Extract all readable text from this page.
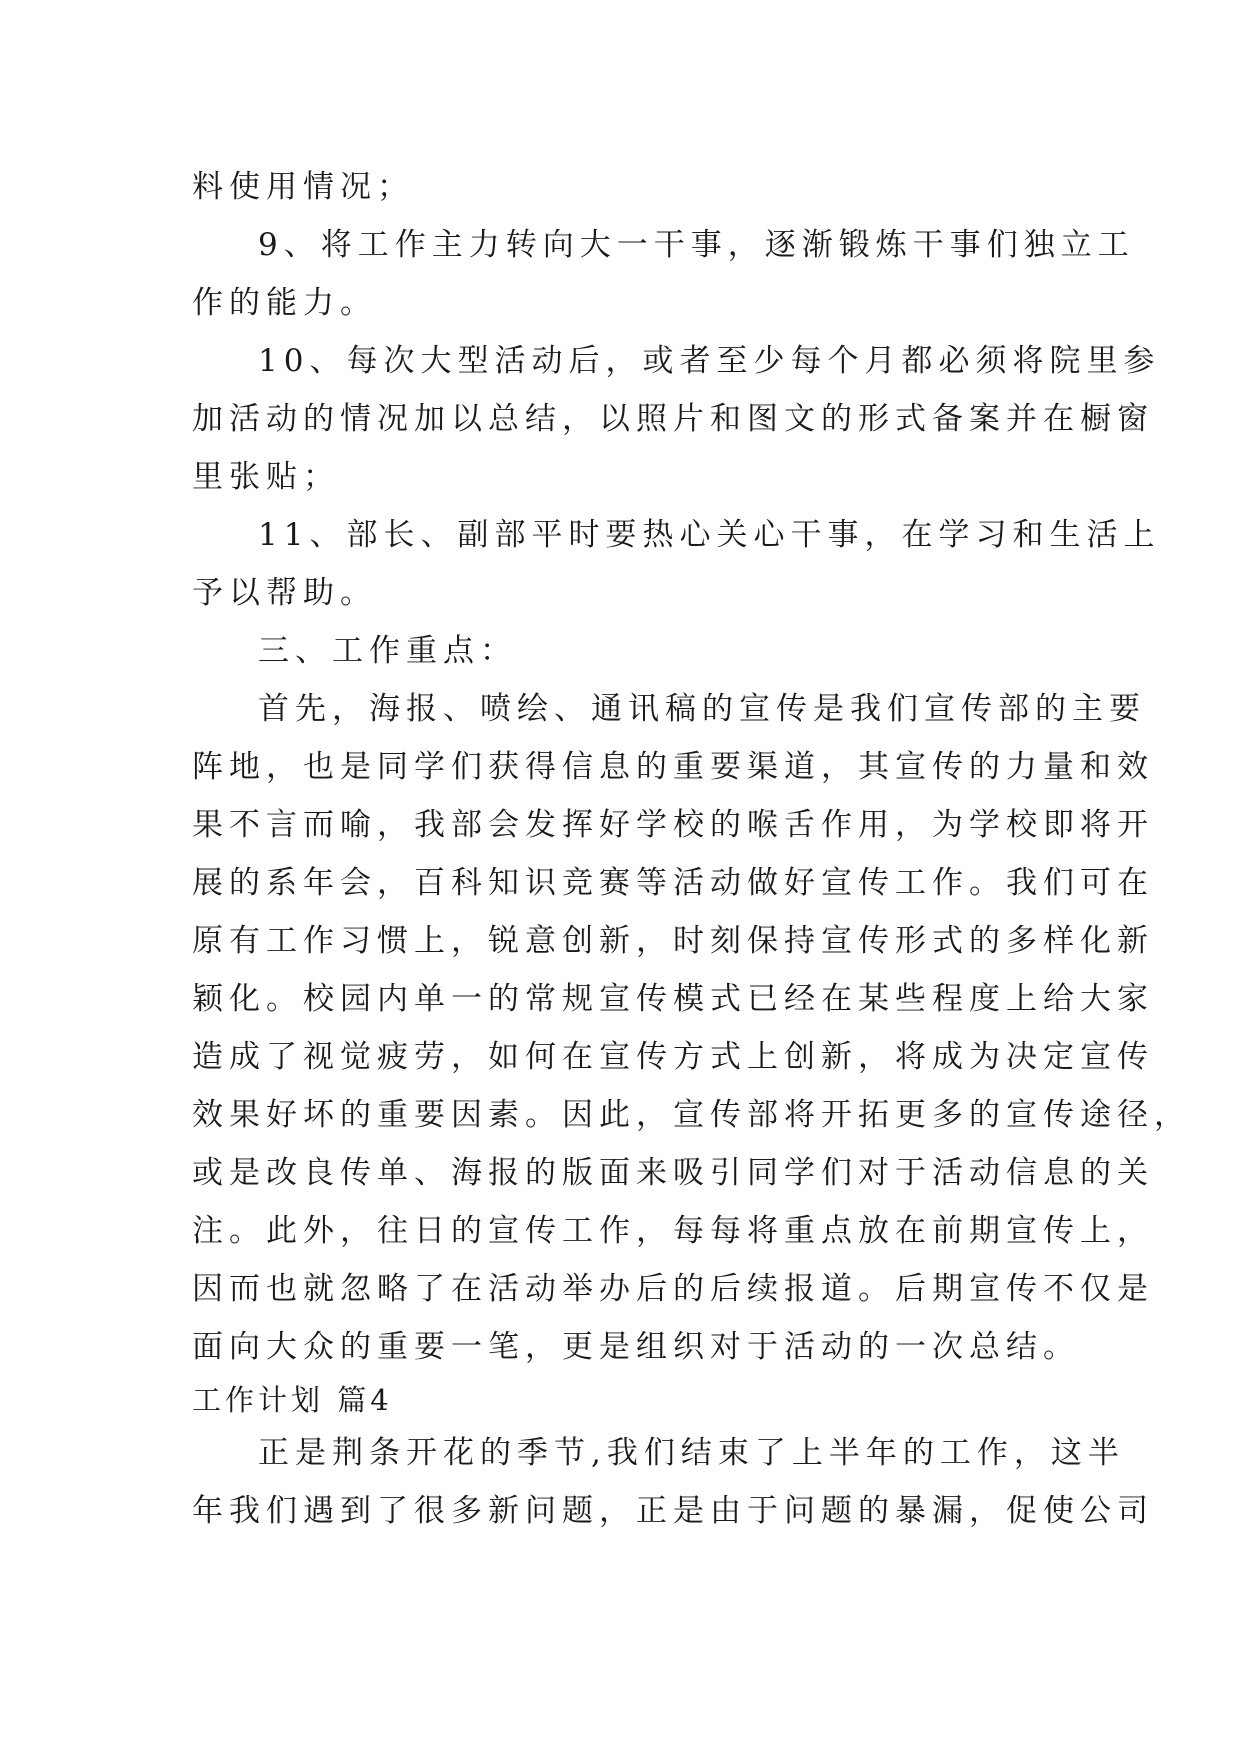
料使用情况；
9、将工作主力转向大一干事，逐渐锻炼干事们独立工
作的能力。
10、每次大型活动后，或者至少每个月都必须将院里参
加活动的情况加以总结，以照片和图文的形式备案并在橱窗
里张贴；
11、部长、副部平时要热心关心干事，在学习和生活上
予以帮助。
三、工作重点：
首先，海报、喷绘、通讯稿的宣传是我们宣传部的主要
阵地，也是同学们获得信息的重要渠道，其宣传的力量和效
果不言而喻，我部会发挥好学校的喉舌作用，为学校即将开
展的系年会，百科知识竞赛等活动做好宣传工作。我们可在
原有工作习惯上，锐意创新，时刻保持宣传形式的多样化新
颖化。校园内单一的常规宣传模式已经在某些程度上给大家
造成了视觉疲劳，如何在宣传方式上创新，将成为决定宣传
效果好坏的重要因素。因此，宣传部将开拓更多的宣传途径，
或是改良传单、海报的版面来吸引同学们对于活动信息的关
注。此外，往日的宣传工作，每每将重点放在前期宣传上，
因而也就忽略了在活动举办后的后续报道。后期宣传不仅是
面向大众的重要一笔，更是组织对于活动的一次总结。
工作计划 篇4
正是荆条开花的季节,我们结束了上半年的工作，这半
年我们遇到了很多新问题，正是由于问题的暴漏，促使公司
